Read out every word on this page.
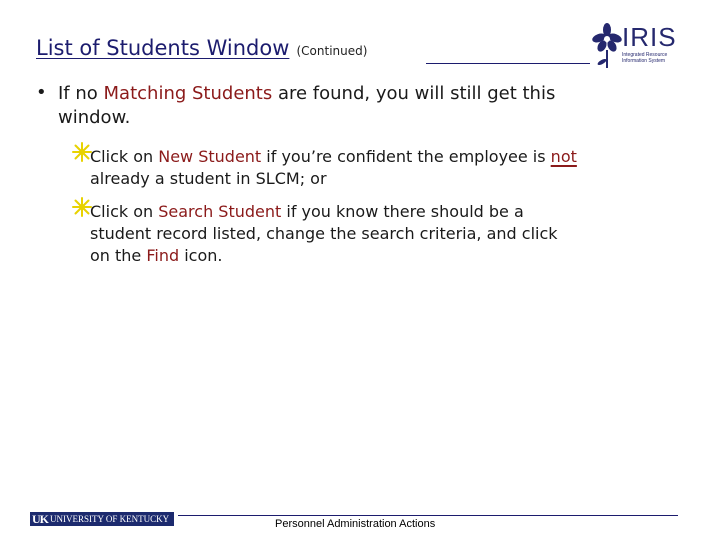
List of Students Window (Continued)	IRIS
Integrated Resource Information System
• If no Matching Students are found, you will still get this
window.
Click on New Student if you’re confident the employee is not
already a student in SLCM; or
Click on Search Student if you know there should be a
student record listed, change the search criteria, and click
on the Find icon.
UK UNIVERSITY OF KENTUCKY	Personnel Administration Actions
